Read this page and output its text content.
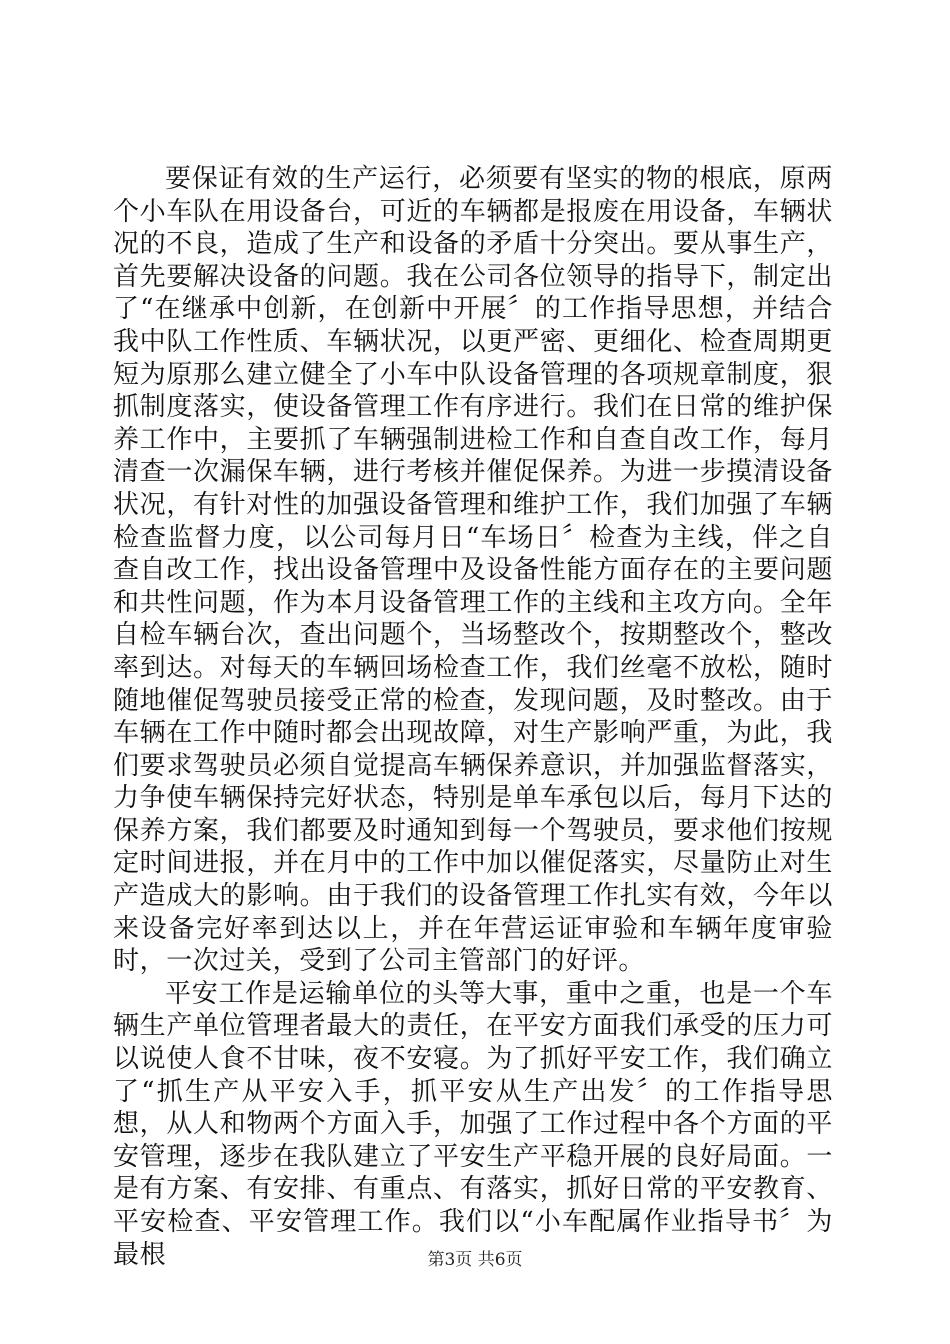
要保证有效的生产运行，必须要有坚实的物的根底，原两个小车队在用设备台，可近的车辆都是报废在用设备，车辆状况的不良，造成了生产和设备的矛盾十分突出。要从事生产，首先要解决设备的问题。我在公司各位领导的指导下，制定出了“在继承中创新，在创新中开展〞的工作指导思想，并结合我中队工作性质、车辆状况，以更严密、更细化、检查周期更短为原那么建立健全了小车中队设备管理的各项规章制度，狠抓制度落实，使设备管理工作有序进行。我们在日常的维护保养工作中，主要抓了车辆强制进检工作和自查自改工作，每月清查一次漏保车辆，进行考核并催促保养。为进一步摸清设备状况，有针对性的加强设备管理和维护工作，我们加强了车辆检查监督力度，以公司每月日“车场日〞检查为主线，伴之自查自改工作，找出设备管理中及设备性能方面存在的主要问题和共性问题，作为本月设备管理工作的主线和主攻方向。全年自检车辆台次，查出问题个，当场整改个，按期整改个，整改率到达。对每天的车辆回场检查工作，我们丝毫不放松，随时随地催促驾驶员接受正常的检查，发现问题，及时整改。由于车辆在工作中随时都会出现故障，对生产影响严重，为此，我们要求驾驶员必须自觉提高车辆保养意识，并加强监督落实，力争使车辆保持完好状态，特别是单车承包以后，每月下达的保养方案，我们都要及时通知到每一个驾驶员，要求他们按规定时间进报，并在月中的工作中加以催促落实，尽量防止对生产造成大的影响。由于我们的设备管理工作扎实有效，今年以来设备完好率到达以上，并在年营运证审验和车辆年度审验时，一次过关，受到了公司主管部门的好评。

平安工作是运输单位的头等大事，重中之重，也是一个车辆生产单位管理者最大的责任，在平安方面我们承受的压力可以说使人食不甘味，夜不安寝。为了抓好平安工作，我们确立了“抓生产从平安入手，抓平安从生产出发〞的工作指导思想，从人和物两个方面入手，加强了工作过程中各个方面的平安管理，逐步在我队建立了平安生产平稳开展的良好局面。一是有方案、有安排、有重点、有落实，抓好日常的平安教育、平安检查、平安管理工作。我们以“小车配属作业指导书〞为最根	第3页 共6页
